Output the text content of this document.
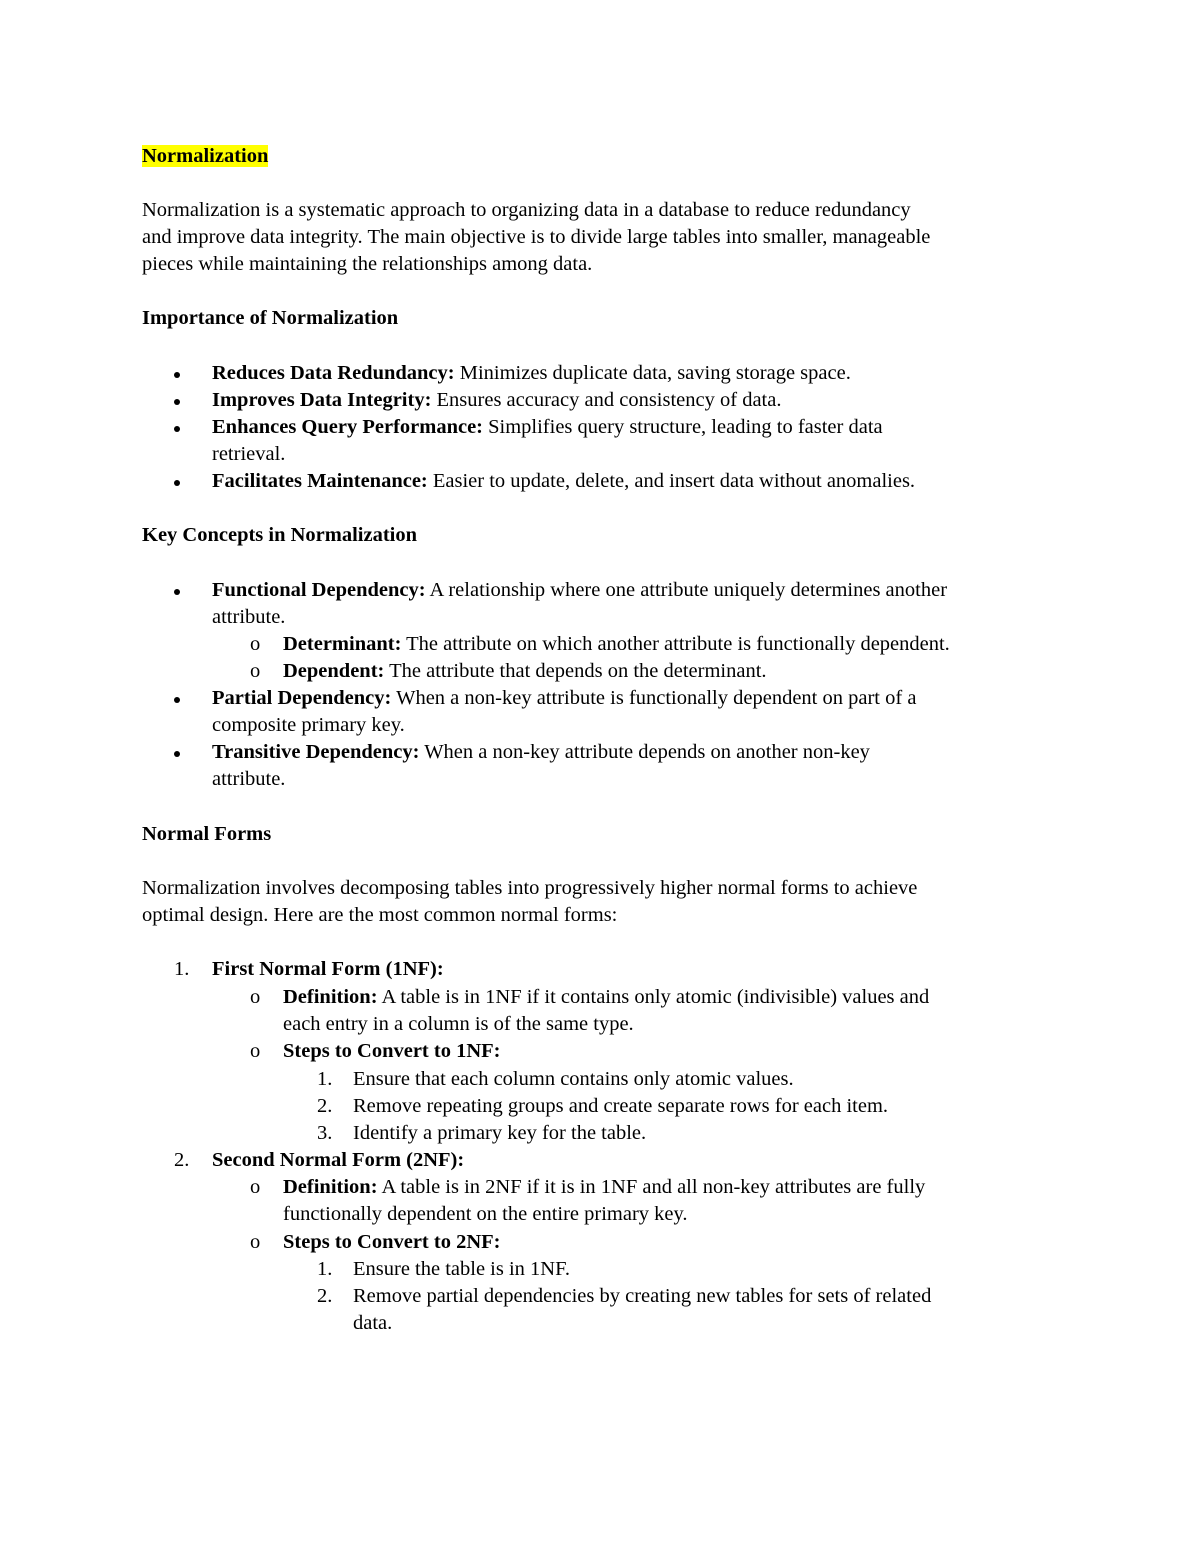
Normalization
Normalization is a systematic approach to organizing data in a database to reduce redundancy
and improve data integrity. The main objective is to divide large tables into smaller, manageable
pieces while maintaining the relationships among data.
Importance of Normalization
Reduces Data Redundancy: Minimizes duplicate data, saving storage space.
Improves Data Integrity: Ensures accuracy and consistency of data.
Enhances Query Performance: Simplifies query structure, leading to faster data
retrieval.
Facilitates Maintenance: Easier to update, delete, and insert data without anomalies.
Key Concepts in Normalization
Functional Dependency: A relationship where one attribute uniquely determines another
attribute.
o Determinant: The attribute on which another attribute is functionally dependent.
o Dependent: The attribute that depends on the determinant.
Partial Dependency: When a non-key attribute is functionally dependent on part of a
composite primary key.
Transitive Dependency: When a non-key attribute depends on another non-key
attribute.
Normal Forms
Normalization involves decomposing tables into progressively higher normal forms to achieve
optimal design. Here are the most common normal forms:
1. First Normal Form (1NF):
o Definition: A table is in 1NF if it contains only atomic (indivisible) values and
each entry in a column is of the same type.
o Steps to Convert to 1NF:
1. Ensure that each column contains only atomic values.
2. Remove repeating groups and create separate rows for each item.
3. Identify a primary key for the table.
2. Second Normal Form (2NF):
o Definition: A table is in 2NF if it is in 1NF and all non-key attributes are fully
functionally dependent on the entire primary key.
o Steps to Convert to 2NF:
1. Ensure the table is in 1NF.
2. Remove partial dependencies by creating new tables for sets of related
data.
